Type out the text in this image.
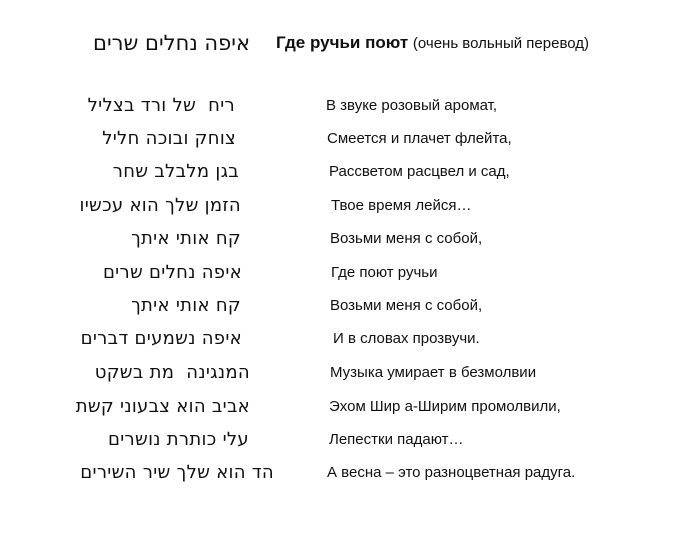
איפה נחלים שרים Где ручьи поют (очень вольный перевод)
ריח  של ורד בצליל	В звуке розовый аромат,
צוחק ובוכה חליל	Смеется и плачет флейта,
בגן מלבלב שחר	Рассветом расцвел и сад,
הזמן שלך הוא עכשיו	Твое время лейся…
קח אותי איתך	Возьми меня с собой,
איפה נחלים שרים	Где поют ручьи
קח אותי איתך	Возьми меня с собой,
איפה נשמעים דברים	И в словах прозвучи.
המנגינה  מת בשקט	Музыка умирает в безмолвии
אביב הוא צבעוני קשת	Эхом Шир а-Ширим промолвили,
עלי כותרת נושרים	Лепестки падают…
הד הוא שלך שיר השירים	А весна – это разноцветная радуга.
